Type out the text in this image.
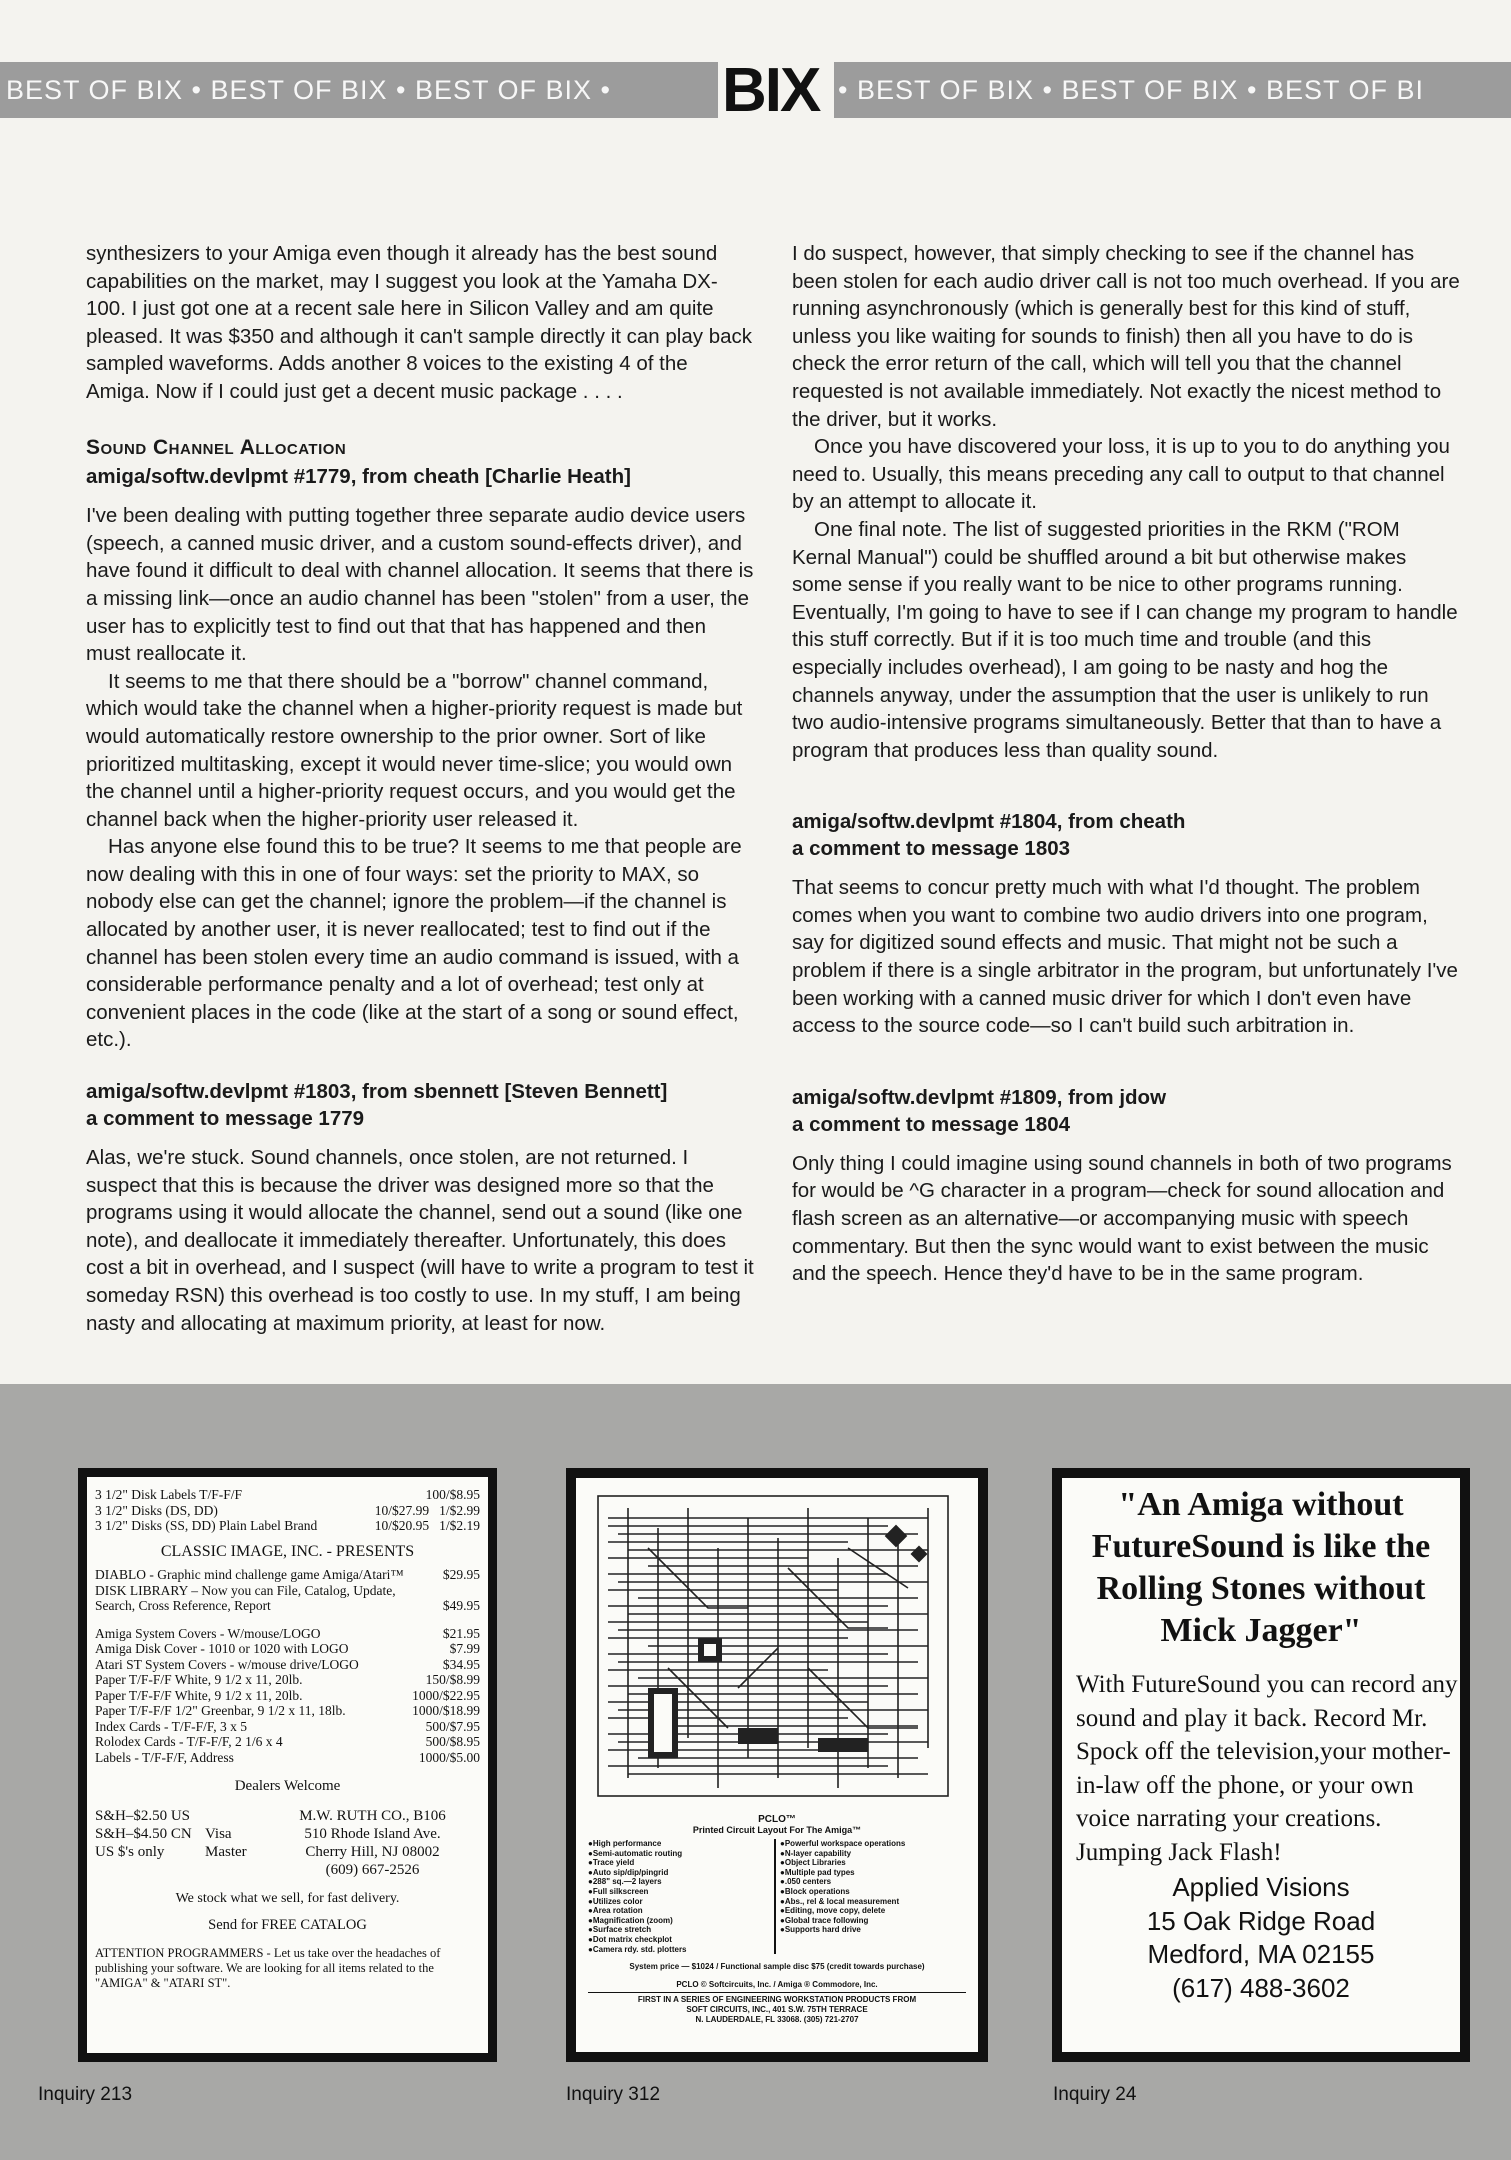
BEST OF BIX • BEST OF BIX • BEST OF BIX •	• BEST OF BIX • BEST OF BIX • BEST OF BI
BIX

synthesizers to your Amiga even though it already has the best sound capabilities on the market, may I suggest you look at the Yamaha DX-100. I just got one at a recent sale here in Silicon Valley and am quite pleased. It was $350 and although it can't sample directly it can play back sampled waveforms. Adds another 8 voices to the existing 4 of the Amiga. Now if I could just get a decent music package . . . .

Sound Channel Allocation
amiga/softw.devlpmt #1779, from cheath [Charlie Heath]

I've been dealing with putting together three separate audio device users (speech, a canned music driver, and a custom sound-effects driver), and have found it difficult to deal with channel allocation. It seems that there is a missing link—once an audio channel has been "stolen" from a user, the user has to explicitly test to find out that that has happened and then must reallocate it.

It seems to me that there should be a "borrow" channel command, which would take the channel when a higher-priority request is made but would automatically restore ownership to the prior owner. Sort of like prioritized multitasking, except it would never time-slice; you would own the channel until a higher-priority request occurs, and you would get the channel back when the higher-priority user released it.

Has anyone else found this to be true? It seems to me that people are now dealing with this in one of four ways: set the priority to MAX, so nobody else can get the channel; ignore the problem—if the channel is allocated by another user, it is never reallocated; test to find out if the channel has been stolen every time an audio command is issued, with a considerable performance penalty and a lot of overhead; test only at convenient places in the code (like at the start of a song or sound effect, etc.).

amiga/softw.devlpmt #1803, from sbennett [Steven Bennett]
a comment to message 1779

Alas, we're stuck. Sound channels, once stolen, are not returned. I suspect that this is because the driver was designed more so that the programs using it would allocate the channel, send out a sound (like one note), and deallocate it immediately thereafter. Unfortunately, this does cost a bit in overhead, and I suspect (will have to write a program to test it someday RSN) this overhead is too costly to use. In my stuff, I am being nasty and allocating at maximum priority, at least for now.

I do suspect, however, that simply checking to see if the channel has been stolen for each audio driver call is not too much overhead. If you are running asynchronously (which is generally best for this kind of stuff, unless you like waiting for sounds to finish) then all you have to do is check the error return of the call, which will tell you that the channel requested is not available immediately. Not exactly the nicest method to the driver, but it works.

Once you have discovered your loss, it is up to you to do anything you need to. Usually, this means preceding any call to output to that channel by an attempt to allocate it.

One final note. The list of suggested priorities in the RKM ("ROM Kernal Manual") could be shuffled around a bit but otherwise makes some sense if you really want to be nice to other programs running. Eventually, I'm going to have to see if I can change my program to handle this stuff correctly. But if it is too much time and trouble (and this especially includes overhead), I am going to be nasty and hog the channels anyway, under the assumption that the user is unlikely to run two audio-intensive programs simultaneously. Better that than to have a program that produces less than quality sound.

amiga/softw.devlpmt #1804, from cheath
a comment to message 1803

That seems to concur pretty much with what I'd thought. The problem comes when you want to combine two audio drivers into one program, say for digitized sound effects and music. That might not be such a problem if there is a single arbitrator in the program, but unfortunately I've been working with a canned music driver for which I don't even have access to the source code—so I can't build such arbitration in.

amiga/softw.devlpmt #1809, from jdow
a comment to message 1804

Only thing I could imagine using sound channels in both of two programs for would be ^G character in a program—check for sound allocation and flash screen as an alternative—or accompanying music with speech commentary. But then the sync would want to exist between the music and the speech. Hence they'd have to be in the same program.

3 1/2" Disk Labels T/F-F/F	100/$8.95
3 1/2" Disks (DS, DD)	10/$27.99 1/$2.99
3 1/2" Disks (SS, DD) Plain Label Brand	10/$20.95 1/$2.19
CLASSIC IMAGE, INC. - PRESENTS
DIABLO - Graphic mind challenge game Amiga/Atari™	$29.95
DISK LIBRARY – Now you can File, Catalog, Update,
Search, Cross Reference, Report	$49.95
Amiga System Covers - W/mouse/LOGO	$21.95
Amiga Disk Cover - 1010 or 1020 with LOGO	$7.99
Atari ST System Covers - w/mouse drive/LOGO	$34.95
Paper T/F-F/F White, 9 1/2 x 11, 20lb.	150/$8.99
Paper T/F-F/F White, 9 1/2 x 11, 20lb.	1000/$22.95
Paper T/F-F/F 1/2" Greenbar, 9 1/2 x 11, 18lb.	1000/$18.99
Index Cards - T/F-F/F, 3 x 5	500/$7.95
Rolodex Cards - T/F-F/F, 2 1/6 x 4	500/$8.95
Labels - T/F-F/F, Address	1000/$5.00
Dealers Welcome
S&H–$2.50 US	M.W. RUTH CO., B106
S&H–$4.50 CN Visa	510 Rhode Island Ave.
US $'s only	Master	Cherry Hill, NJ 08002
(609) 667-2526
We stock what we sell, for fast delivery.
Send for FREE CATALOG
ATTENTION PROGRAMMERS - Let us take over the headaches of publishing your software. We are looking for all items related to the "AMIGA" & "ATARI ST".
PCLO™
Printed Circuit Layout For The Amiga™
● High performance
● Semi-automatic routing
● Trace yield
● Auto sip/dip/pingrid
● 288" sq.—2 layers
● Full silkscreen
● Utilizes color
● Area rotation
● Magnification (zoom)
● Surface stretch
● Dot matrix checkplot
● Camera rdy. std. plotters
● Powerful workspace operations
● N-layer capability
● Object Libraries
● Multiple pad types
● .050 centers
● Block operations
● Abs., rel & local measurement
● Editing, move copy, delete
● Global trace following
● Supports hard drive
System price — $1024 / Functional sample disc $75 (credit towards purchase)
PCLO © Softcircuits, Inc. / Amiga ® Commodore, Inc.
FIRST IN A SERIES OF ENGINEERING WORKSTATION PRODUCTS FROM
SOFT CIRCUITS, INC., 401 S.W. 75TH TERRACE
N. LAUDERDALE, FL 33068. (305) 721-2707
"An Amiga without FutureSound is like the Rolling Stones without Mick Jagger"
With FutureSound you can record any sound and play it back. Record Mr. Spock off the television,your mother-in-law off the phone, or your own voice narrating your creations. Jumping Jack Flash!
Applied Visions
15 Oak Ridge Road
Medford, MA 02155
(617) 488-3602
Inquiry 213	Inquiry 312	Inquiry 24
